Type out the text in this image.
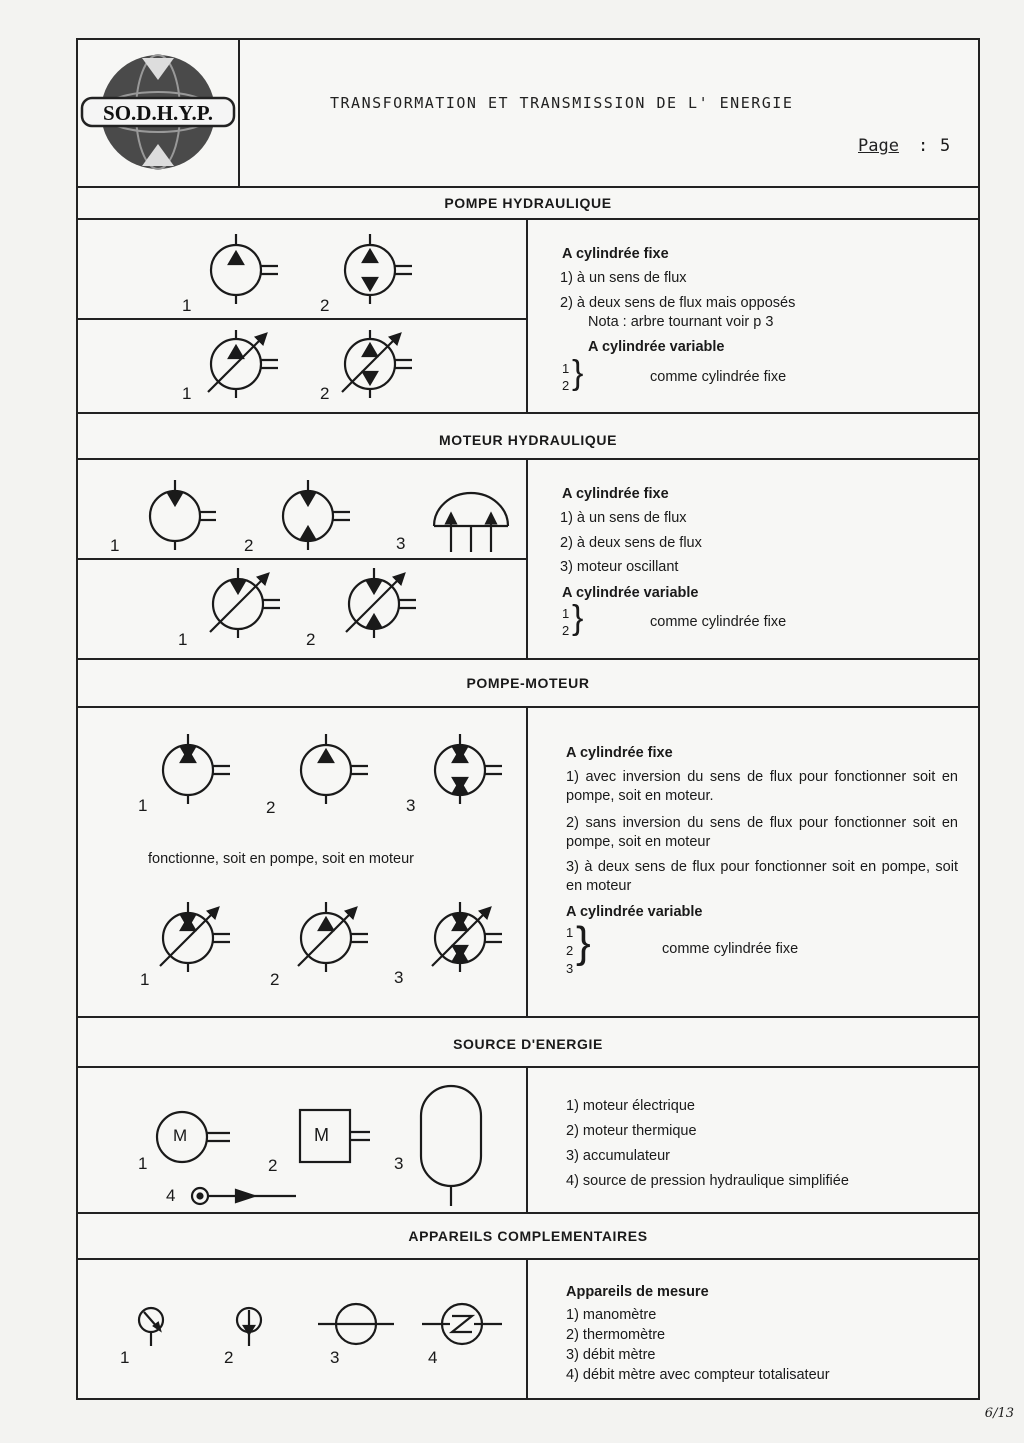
SO.D.H.Y.P.	TRANSFORMATION ET TRANSMISSION DE L' ENERGIE
Page : 5
POMPE HYDRAULIQUE
MOTEUR HYDRAULIQUE
POMPE-MOTEUR
SOURCE D'ENERGIE
APPAREILS COMPLEMENTAIRES
A cylindrée fixe
1) à un sens de flux
2) à deux sens de flux mais opposés
Nota : arbre tournant voir p 3
A cylindrée variable
1
2 }	comme cylindrée fixe
A cylindrée fixe
1) à un sens de flux
2) à deux sens de flux
3) moteur oscillant
A cylindrée variable
1
2 }	comme cylindrée fixe
A cylindrée fixe
1) avec inversion du sens de flux pour fonctionner soit en pompe, soit en moteur.
2) sans inversion du sens de flux pour fonctionner soit en pompe, soit en moteur
3) à deux sens de flux pour fonctionner soit en pompe, soit en moteur
A cylindrée variable
1
2
3
}	comme cylindrée fixe
fonctionne, soit en pompe, soit en moteur
1) moteur électrique
2) moteur thermique
3) accumulateur
4) source de pression hydraulique simplifiée
Appareils de mesure
1) manomètre
2) thermomètre
3) débit mètre
4) débit mètre avec compteur totalisateur
1	2
1	2
1	2	3
1	2
1	2	3
1	2	3
M	M
1	2	3
4
1	2	3	4
6/13
